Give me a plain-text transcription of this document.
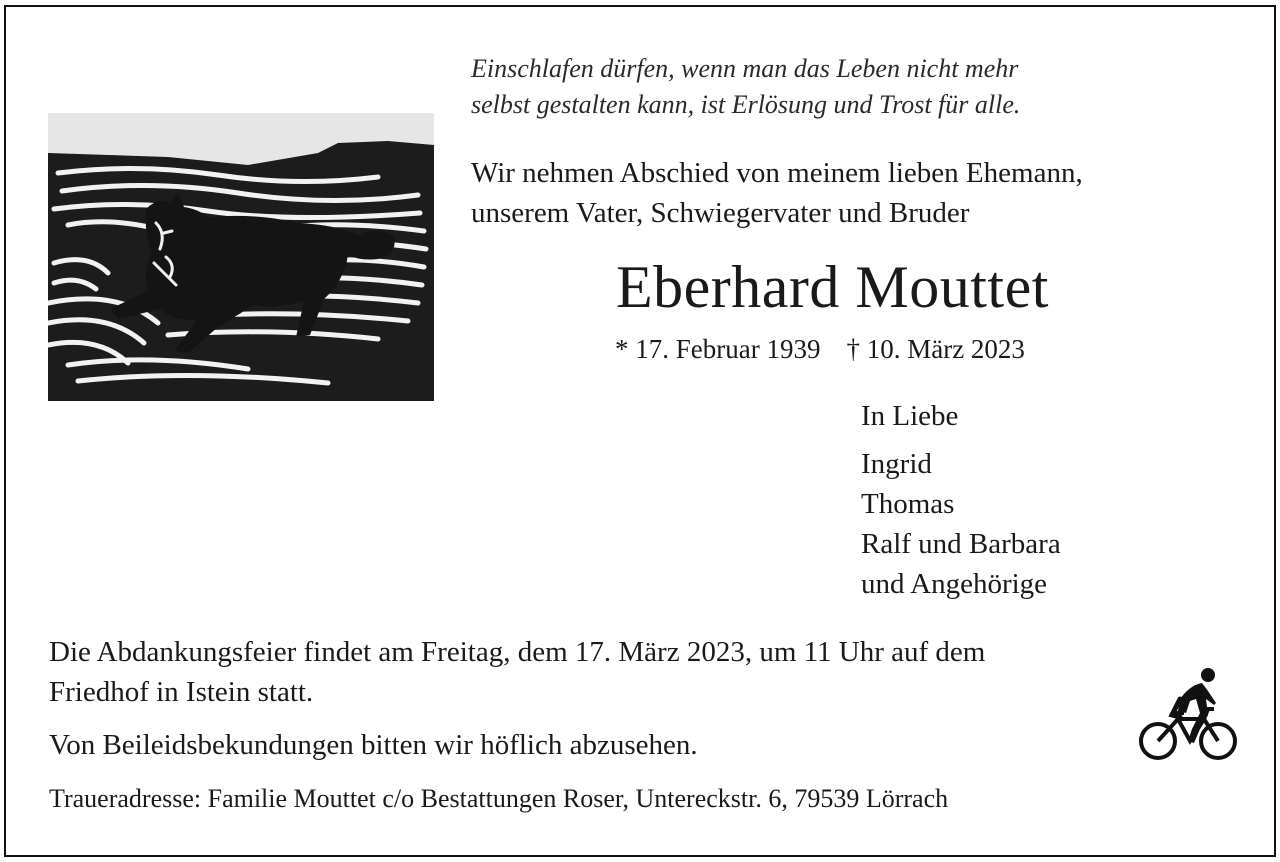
Einschlafen dürfen, wenn man das Leben nicht mehr
selbst gestalten kann, ist Erlösung und Trost für alle.
Wir nehmen Abschied von meinem lieben Ehemann,
unserem Vater, Schwiegervater und Bruder
Eberhard Mouttet
* 17. Februar 1939 † 10. März 2023
In Liebe
Ingrid
Thomas
Ralf und Barbara
und Angehörige
Die Abdankungsfeier findet am Freitag, dem 17. März 2023, um 11 Uhr auf dem
Friedhof in Istein statt.
Von Beileidsbekundungen bitten wir höflich abzusehen.
Traueradresse: Familie Mouttet c/o Bestattungen Roser, Untereckstr. 6, 79539 Lörrach
